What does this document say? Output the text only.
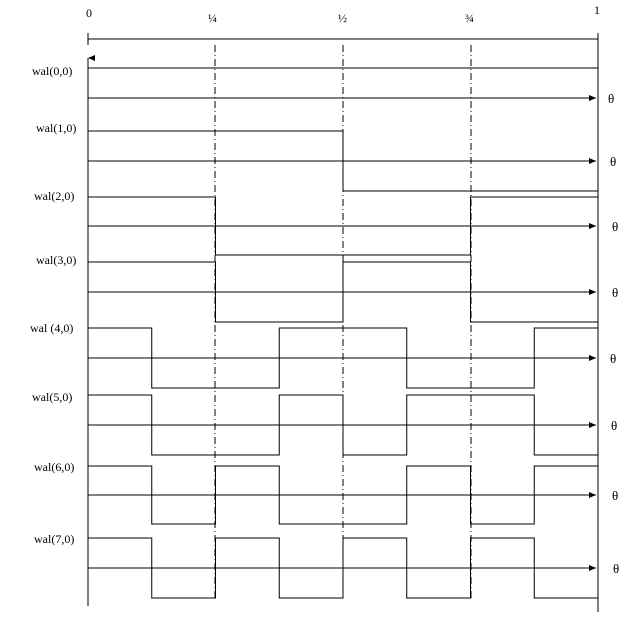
0	¼	½	¾
1
wal(0,0)
θ
wal(1,0)
θ
wal(2,0)
θ
wal(3,0)
θ
wal (4,0)
θ
wal(5,0)
θ
wal(6,0)
θ
wal(7,0)
θ
